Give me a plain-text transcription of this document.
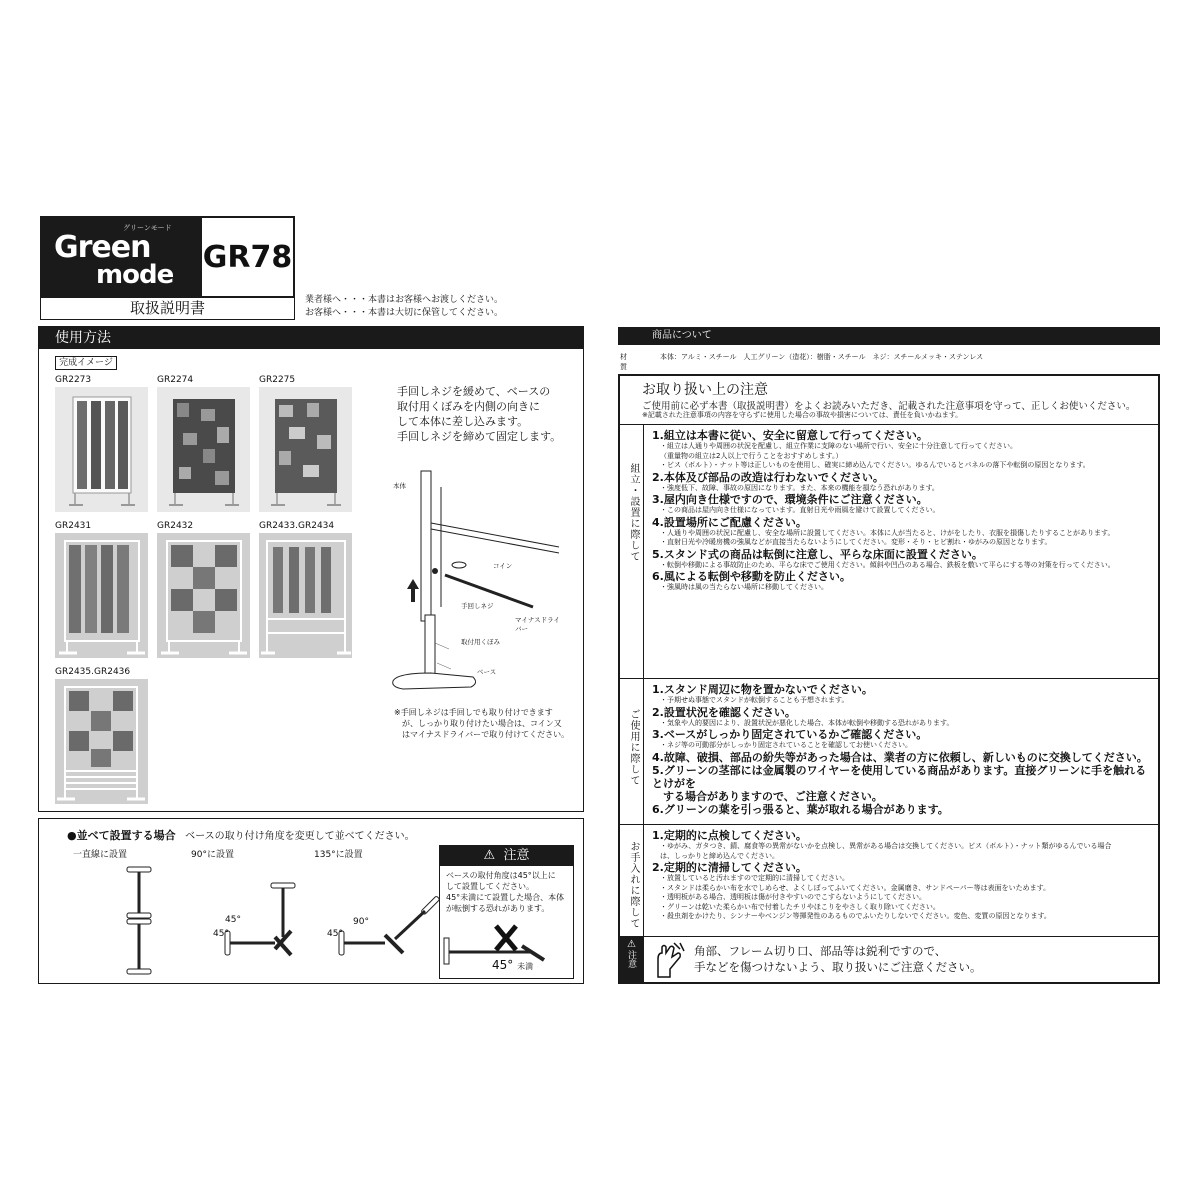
グリーンモード
Green
mode
GR78
取扱説明書	業者様へ・・・本書はお客様へお渡しください。
お客様へ・・・本書は大切に保管してください。
使用方法
完成イメージ
GR2273	GR2274	GR2275
GR2431	GR2432	GR2433.GR2434
GR2435.GR2436
手回しネジを緩めて、ベースの
取付用くぼみを内側の向きに
して本体に差し込みます。
手回しネジを締めて固定します。
本体
コイン
手回しネジ
マイナスドライバー
取付用くぼみ
ベース
※手回しネジは手回しでも取り付けできます
が、しっかり取り付けたい場合は、コイン又
はマイナスドライバーで取り付けてください。
●並べて設置する場合 ベースの取り付け角度を変更して並べてください。
一直線に設置	90°に設置	135°に設置
45°
45°
90°
45°
⚠ 注意
ベースの取付角度は45°以上に
して設置してください。
45°未満にて設置した場合、本体
が転倒する恐れがあります。
45° 未満
商品について
材　質
本体：アルミ・スチール　人工グリーン（造花）：樹脂・スチール　ネジ：スチールメッキ・ステンレス
お取り扱い上の注意
ご使用前に必ず本書（取扱説明書）をよくお読みいただき、記載された注意事項を守って、正しくお使いください。
※記載された注意事項の内容を守らずに使用した場合の事故や損害については、責任を負いかねます。
組立・設置に際して
1.組立は本書に従い、安全に留意して行ってください。
・組立は人通りや周囲の状況を配慮し、組立作業に支障のない場所で行い、安全に十分注意して行ってください。
（重量物の組立は2人以上で行うことをおすすめします。）
・ビス（ボルト）・ナット等は正しいものを使用し、確実に締め込んでください。ゆるんでいるとパネルの落下や転倒の原因となります。
2.本体及び部品の改造は行わないでください。
・強度低下、故障、事故の原因になります。また、本来の機能を損なう恐れがあります。
3.屋内向き仕様ですので、環境条件にご注意ください。
・この商品は屋内向き仕様になっています。直射日光や雨風を避けて設置してください。
4.設置場所にご配慮ください。
・人通りや周囲の状況に配慮し、安全な場所に設置してください。本体に人が当たると、けがをしたり、衣服を損傷したりすることがあります。
・直射日光や冷暖房機の強風などが直接当たらないようにしてください。変形・そり・ヒビ割れ・ゆがみの原因となります。
5.スタンド式の商品は転倒に注意し、平らな床面に設置ください。
・転倒や移動による事故防止のため、平らな床でご使用ください。傾斜や凹凸のある場合、鉄板を敷いて平らにする等の対策を行ってください。
6.風による転倒や移動を防止ください。
・強風時は風の当たらない場所に移動してください。
ご使用に際して
1.スタンド周辺に物を置かないでください。
・予期せぬ事態でスタンドが転倒することも予想されます。
2.設置状況を確認ください。
・気象や人的要因により、設置状況が悪化した場合、本体が転倒や移動する恐れがあります。
3.ベースがしっかり固定されているかご確認ください。
・ネジ等の可動部分がしっかり固定されていることを確認してお使いください。
4.故障、破損、部品の紛失等があった場合は、業者の方に依頼し、新しいものに交換してください。
5.グリーンの茎部には金属製のワイヤーを使用している商品があります。直接グリーンに手を触れるとけがを
　する場合がありますので、ご注意ください。
6.グリーンの葉を引っ張ると、葉が取れる場合があります。
お手入れに際して
1.定期的に点検してください。
・ゆがみ、ガタつき、錆、腐食等の異常がないかを点検し、異常がある場合は交換してください。ビス（ボルト）・ナット類がゆるんでいる場合
は、しっかりと締め込んでください。
2.定期的に清掃してください。
・放置していると汚れますので定期的に清掃してください。
・スタンドは柔らかい布を水でしめらせ、よくしぼってふいてください。金属磨き、サンドペーパー等は表面をいためます。
・透明板がある場合、透明板は傷が付きやすいのでこすらないようにしてください。
・グリーンは乾いた柔らかい布で付着したチリやほこりをやさしく取り除いてください。
・殺虫剤をかけたり、シンナーやベンジン等揮発性のあるものでふいたりしないでください。変色、変質の原因となります。
⚠
注意	角部、フレーム切り口、部品等は鋭利ですので、
手などを傷つけないよう、取り扱いにご注意ください。
